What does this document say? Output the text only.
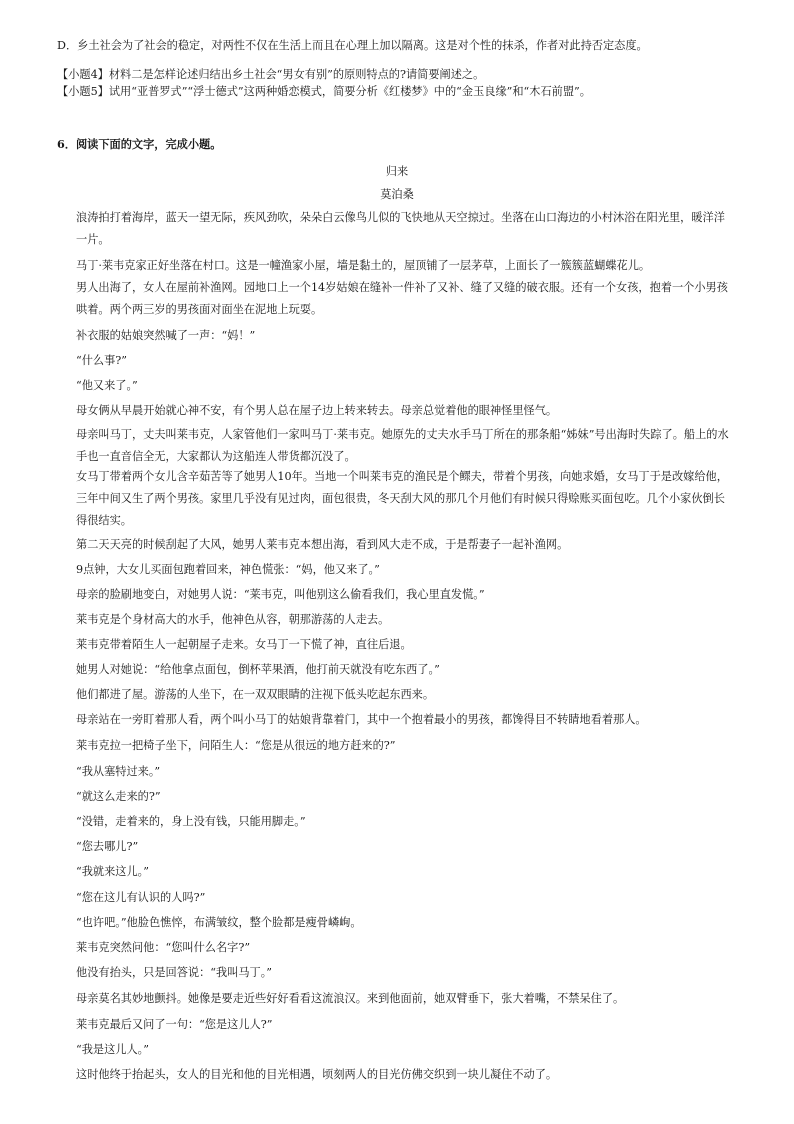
D．乡土社会为了社会的稳定，对两性不仅在生活上而且在心理上加以隔离。这是对个性的抹杀，作者对此持否定态度。
【小题4】材料二是怎样论述归结出乡土社会“男女有别”的原则特点的?请简要阐述之。
【小题5】试用“亚普罗式”“浮士德式”这两种婚恋模式，简要分析《红楼梦》中的“金玉良缘”和“木石前盟”。
6．阅读下面的文字，完成小题。
归来
莫泊桑
浪涛拍打着海岸，蓝天一望无际，疾风劲吹，朵朵白云像鸟儿似的飞快地从天空掠过。坐落在山口海边的小村沐浴在阳光里，暖洋洋一片。
马丁·莱韦克家正好坐落在村口。这是一幢渔家小屋，墙是黏土的，屋顶铺了一层茅草，上面长了一簇簇蓝蝴蝶花儿。
男人出海了，女人在屋前补渔网。园地口上一个14岁姑娘在缝补一件补了又补、缝了又缝的破衣服。还有一个女孩，抱着一个小男孩哄着。两个两三岁的男孩面对面坐在泥地上玩耍。
补衣服的姑娘突然喊了一声：“妈！”
“什么事?”
“他又来了。”
母女俩从早晨开始就心神不安，有个男人总在屋子边上转来转去。母亲总觉着他的眼神怪里怪气。
母亲叫马丁，丈夫叫莱韦克，人家管他们一家叫马丁·莱韦克。她原先的丈夫水手马丁所在的那条船“姊妹”号出海时失踪了。船上的水手也一直音信全无，大家都认为这船连人带货都沉没了。
女马丁带着两个女儿含辛茹苦等了她男人10年。当地一个叫莱韦克的渔民是个鳏夫，带着个男孩，向她求婚，女马丁于是改嫁给他，三年中间又生了两个男孩。家里几乎没有见过肉，面包很贵，冬天刮大风的那几个月他们有时候只得赊账买面包吃。几个小家伙倒长得很结实。
第二天天亮的时候刮起了大风，她男人莱韦克本想出海，看到风大走不成，于是帮妻子一起补渔网。
9点钟，大女儿买面包跑着回来，神色慌张：“妈，他又来了。”
母亲的脸刷地变白，对她男人说：“莱韦克，叫他别这么偷看我们，我心里直发慌。”
莱韦克是个身材高大的水手，他神色从容，朝那游荡的人走去。
莱韦克带着陌生人一起朝屋子走来。女马丁一下慌了神，直往后退。
她男人对她说：“给他拿点面包，倒杯苹果酒，他打前天就没有吃东西了。”
他们都进了屋。游荡的人坐下，在一双双眼睛的注视下低头吃起东西来。
母亲站在一旁盯着那人看，两个叫小马丁的姑娘背靠着门，其中一个抱着最小的男孩，都馋得目不转睛地看着那人。
莱韦克拉一把椅子坐下，问陌生人：“您是从很远的地方赶来的?”
“我从塞特过来。”
“就这么走来的?”
“没错，走着来的，身上没有钱，只能用脚走。”
“您去哪儿?”
“我就来这儿。”
“您在这儿有认识的人吗?”
“也许吧。”他脸色憔悴，布满皱纹，整个脸都是瘦骨嶙峋。
莱韦克突然问他：“您叫什么名字?”
他没有抬头，只是回答说：“我叫马丁。”
母亲莫名其妙地颤抖。她像是要走近些好好看看这流浪汉。来到他面前，她双臂垂下，张大着嘴，不禁呆住了。
莱韦克最后又问了一句：“您是这儿人?”
“我是这儿人。”
这时他终于抬起头，女人的目光和他的目光相遇，顷刻两人的目光仿佛交织到一块儿凝住不动了。
